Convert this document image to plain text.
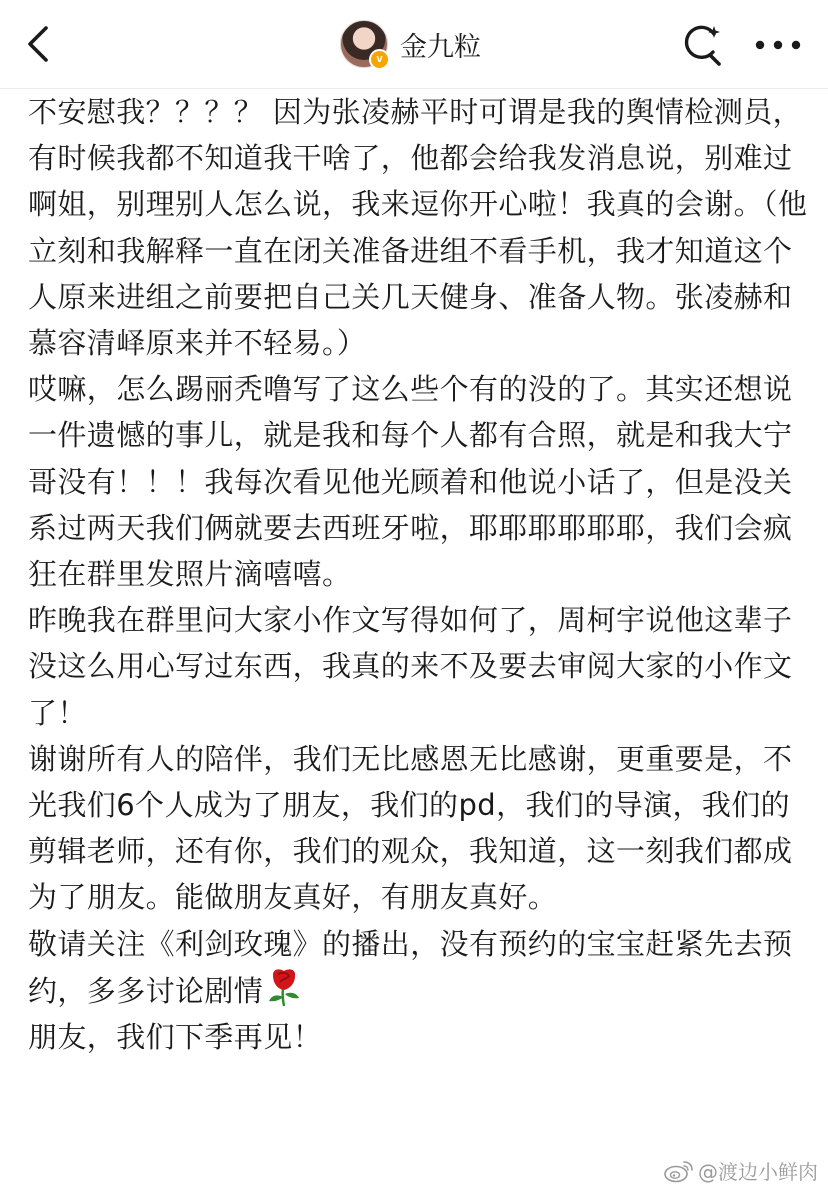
v 金九粒

不安慰我？？？？ 因为张凌赫平时可谓是我的舆情检测员，有时候我都不知道我干啥了，他都会给我发消息说，别难过啊姐，别理别人怎么说，我来逗你开心啦！我真的会谢。（他立刻和我解释一直在闭关准备进组不看手机，我才知道这个人原来进组之前要把自己关几天健身、准备人物。张凌赫和慕容清峄原来并不轻易。）

哎嘛，怎么踢丽秃噜写了这么些个有的没的了。其实还想说一件遗憾的事儿，就是我和每个人都有合照，就是和我大宁哥没有！！！我每次看见他光顾着和他说小话了，但是没关系过两天我们俩就要去西班牙啦，耶耶耶耶耶耶，我们会疯狂在群里发照片滴嘻嘻。

昨晚我在群里问大家小作文写得如何了，周柯宇说他这辈子没这么用心写过东西，我真的来不及要去审阅大家的小作文了！

谢谢所有人的陪伴，我们无比感恩无比感谢，更重要是，不光我们6个人成为了朋友，我们的pd，我们的导演，我们的剪辑老师，还有你，我们的观众，我知道，这一刻我们都成为了朋友。能做朋友真好，有朋友真好。

敬请关注《利剑玫瑰》的播出，没有预约的宝宝赶紧先去预约，多多讨论剧情

朋友，我们下季再见！

@渡边小鲜肉
